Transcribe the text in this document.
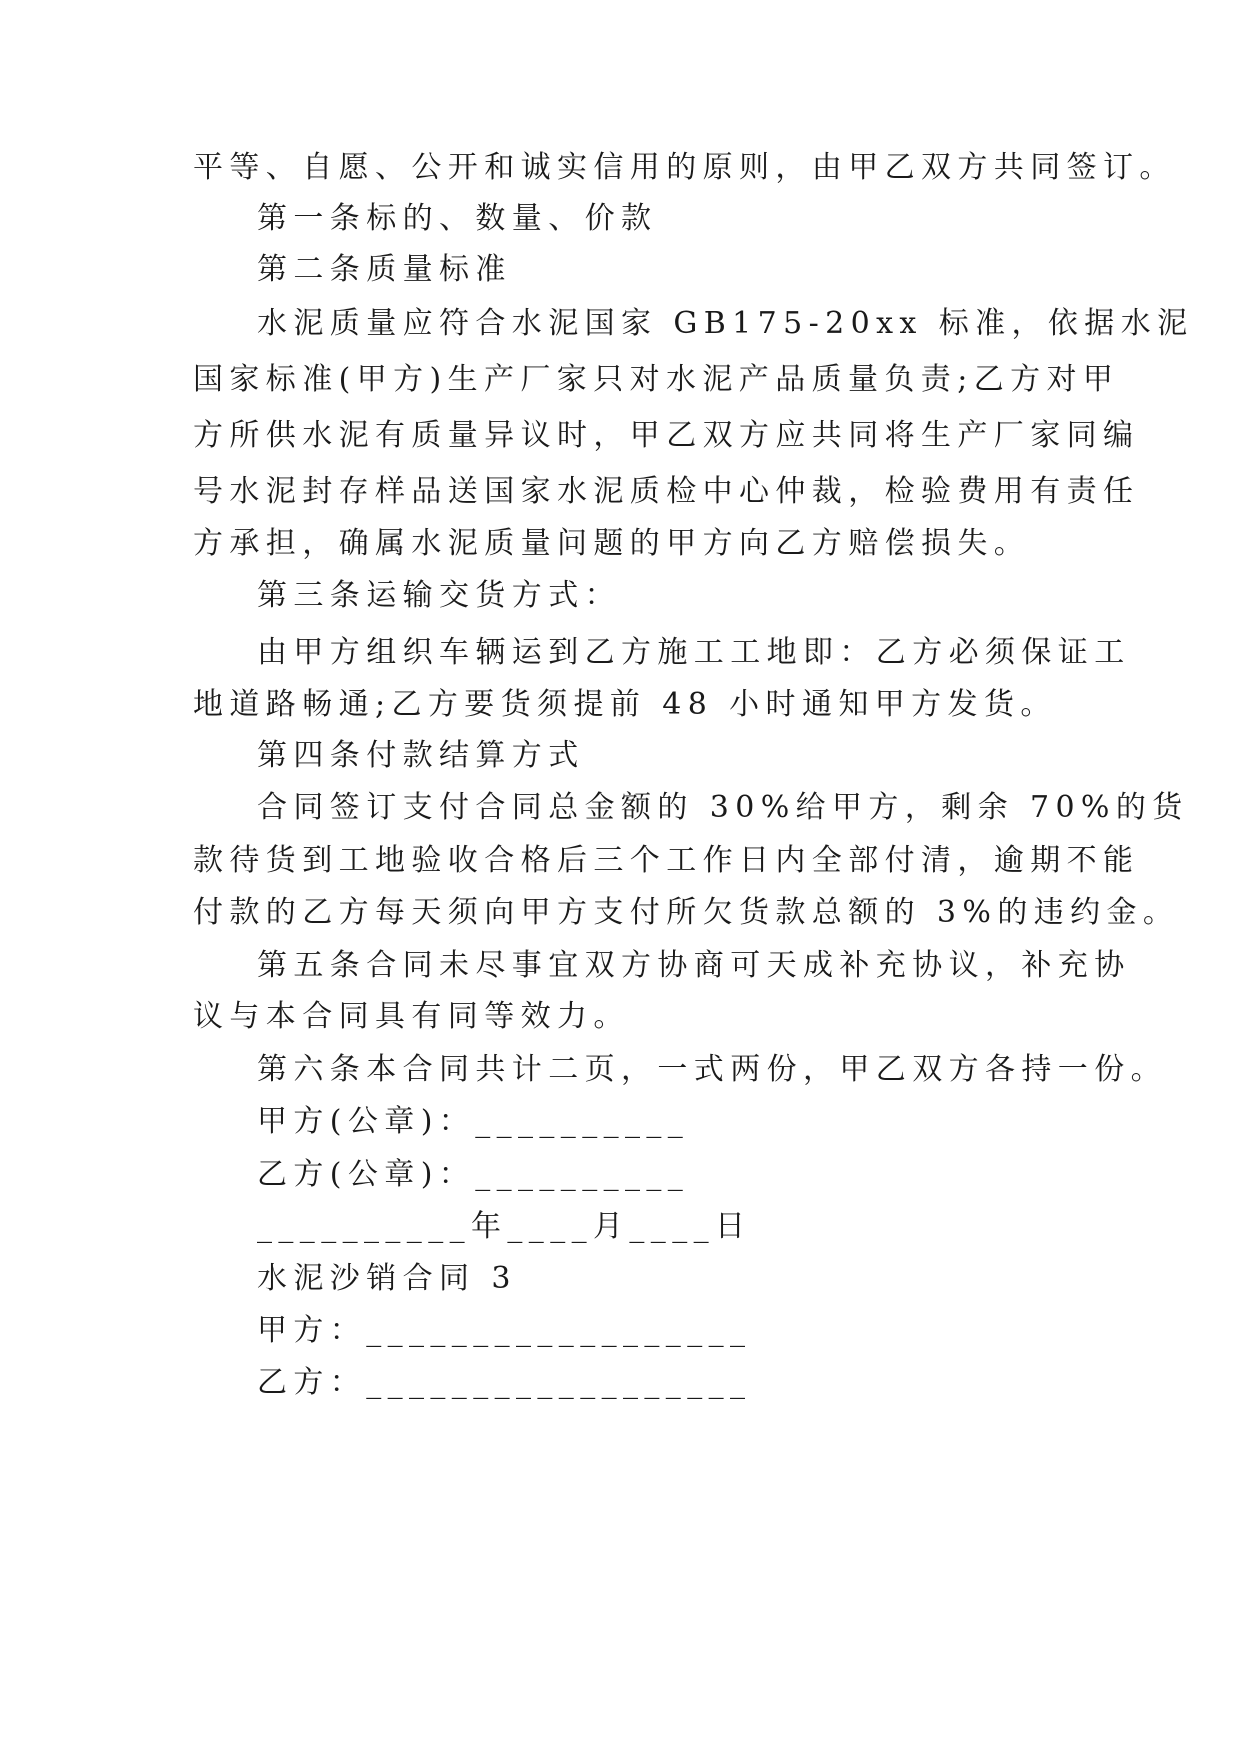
平等、自愿、公开和诚实信用的原则，由甲乙双方共同签订。
第一条标的、数量、价款
第二条质量标准
水泥质量应符合水泥国家 GB175-20xx 标准，依据水泥
国家标准(甲方)生产厂家只对水泥产品质量负责;乙方对甲
方所供水泥有质量异议时，甲乙双方应共同将生产厂家同编
号水泥封存样品送国家水泥质检中心仲裁，检验费用有责任
方承担，确属水泥质量问题的甲方向乙方赔偿损失。
第三条运输交货方式：
由甲方组织车辆运到乙方施工工地即：乙方必须保证工
地道路畅通;乙方要货须提前 48 小时通知甲方发货。
第四条付款结算方式
合同签订支付合同总金额的 30%给甲方，剩余 70%的货
款待货到工地验收合格后三个工作日内全部付清，逾期不能
付款的乙方每天须向甲方支付所欠货款总额的 3%的违约金。
第五条合同未尽事宜双方协商可天成补充协议，补充协
议与本合同具有同等效力。
第六条本合同共计二页，一式两份，甲乙双方各持一份。
甲方(公章)：__________
乙方(公章)：__________
__________年____月____日
水泥沙销合同 3
甲方：__________________
乙方：__________________
